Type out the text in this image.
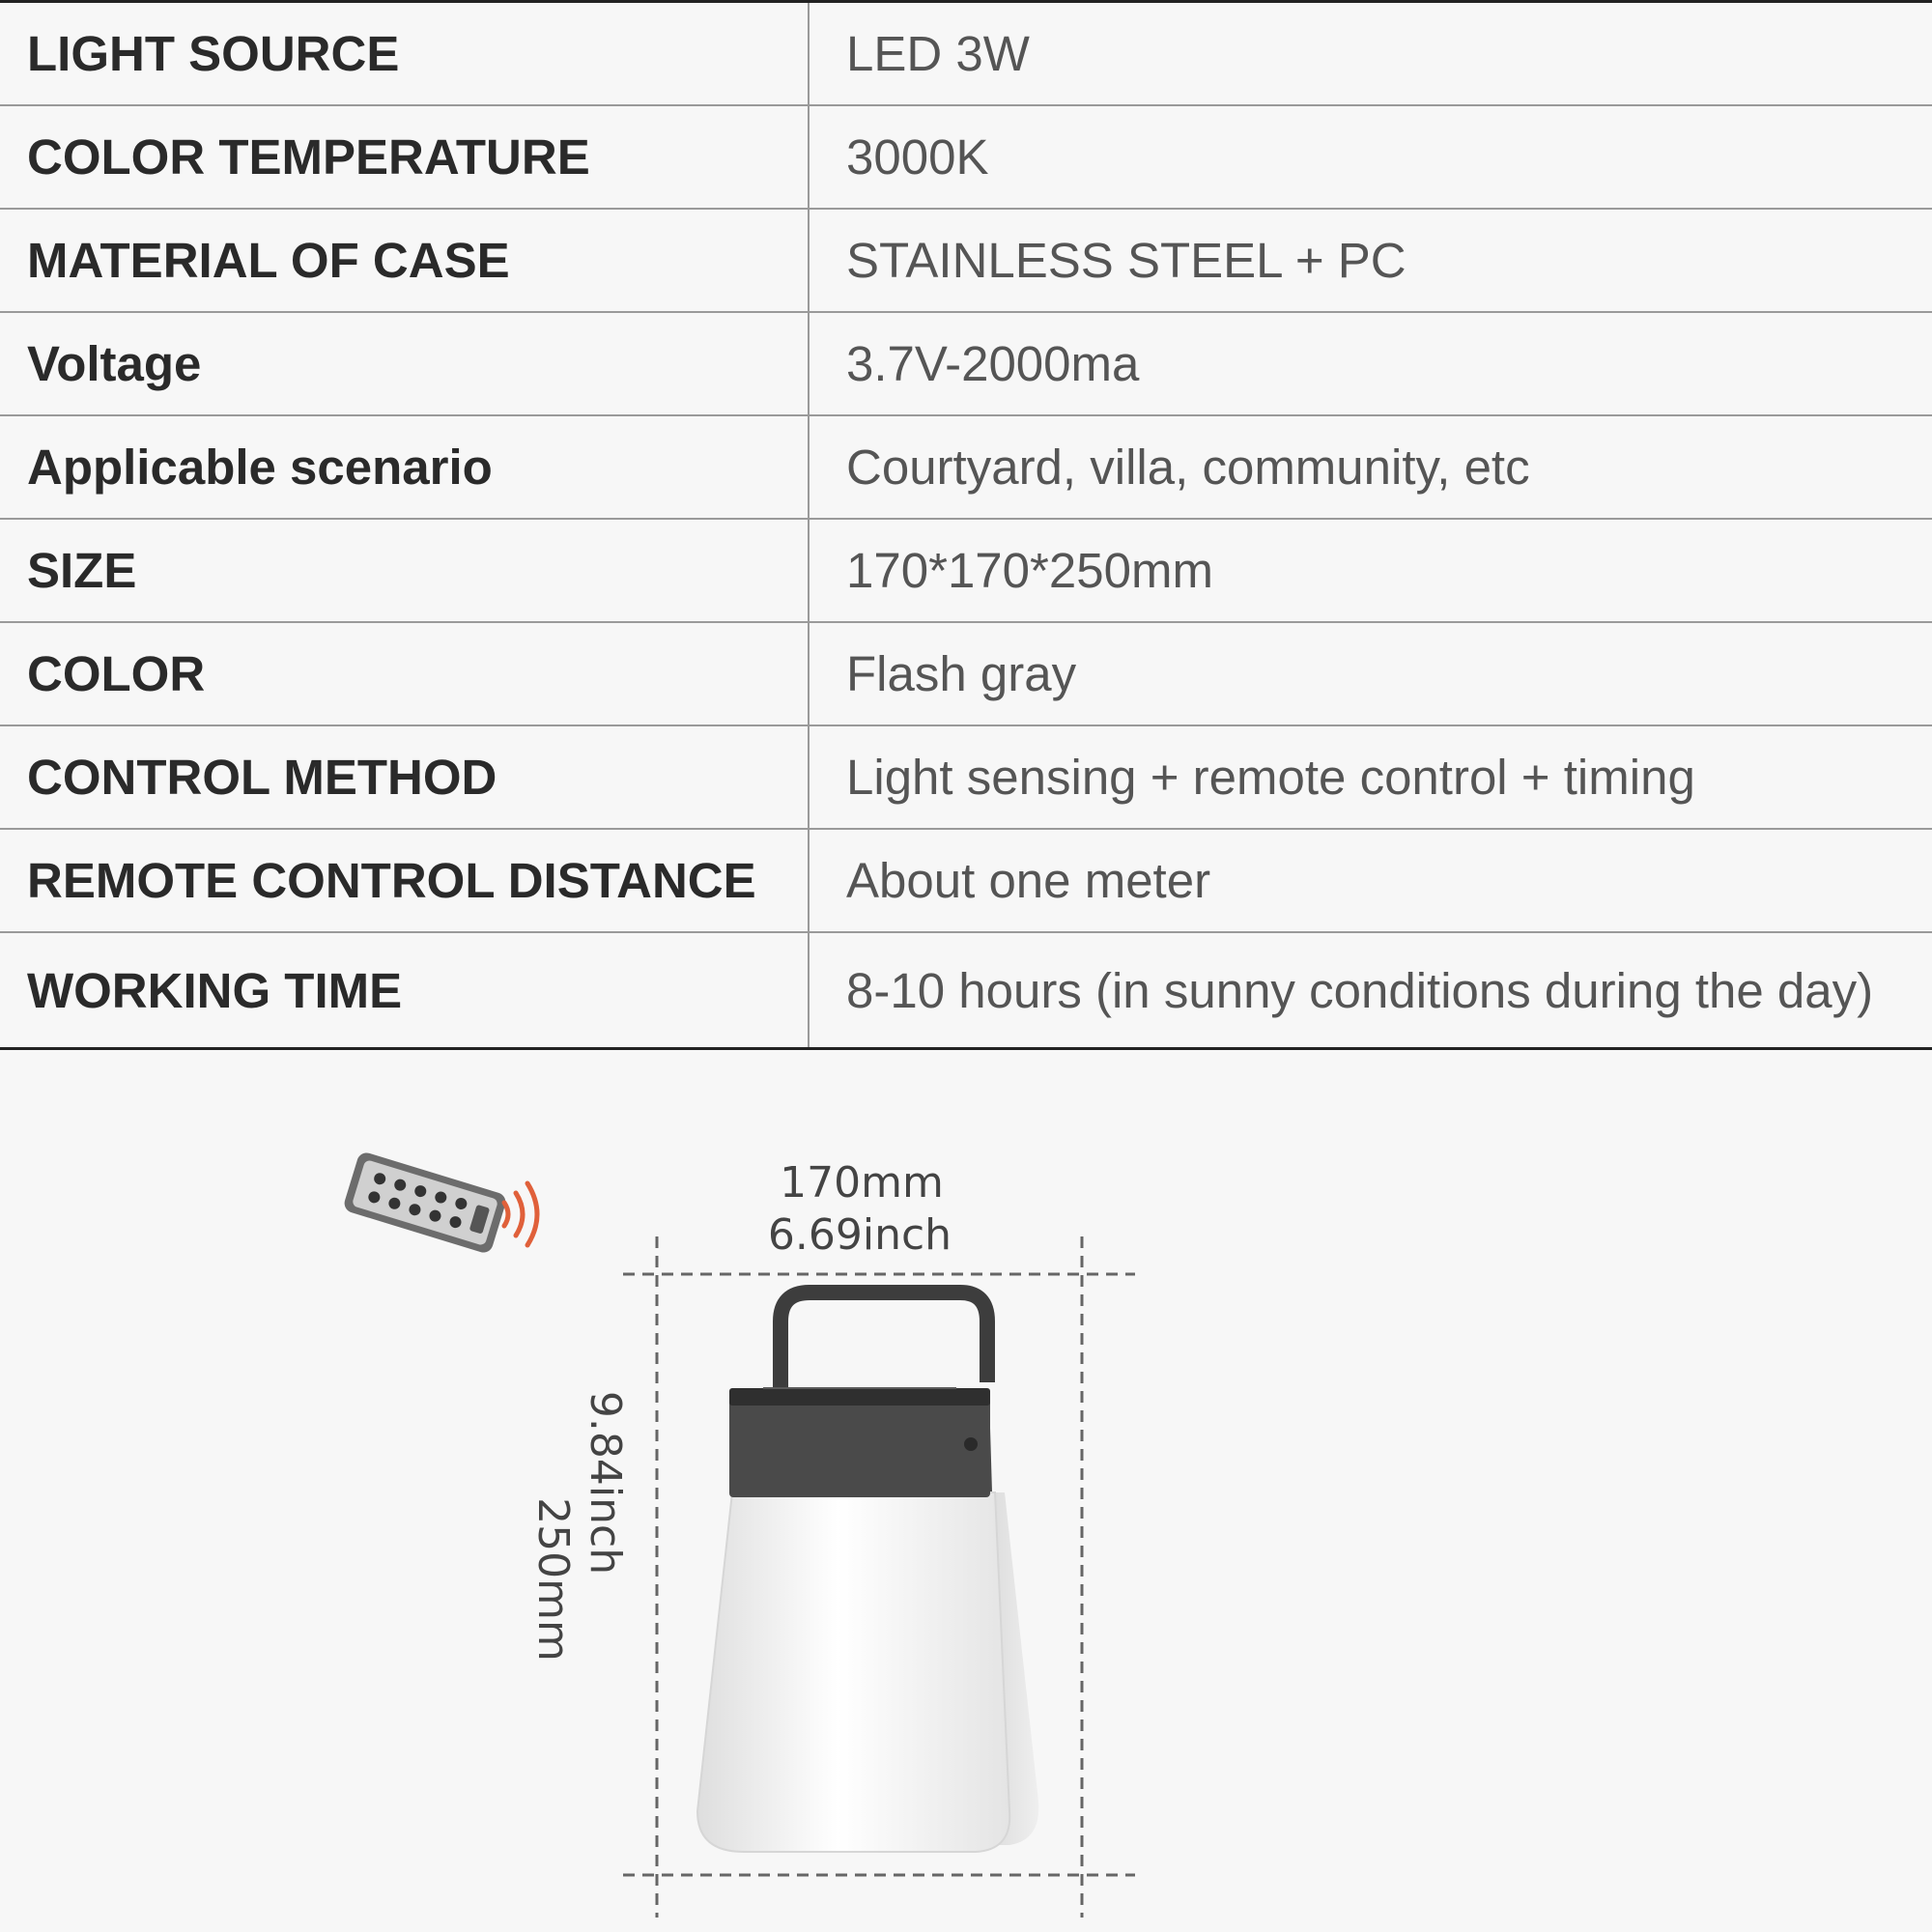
LIGHT SOURCE	LED 3W
COLOR TEMPERATURE	3000K
MATERIAL OF CASE	STAINLESS STEEL + PC
Voltage	3.7V-2000ma
Applicable scenario	Courtyard, villa, community, etc
SIZE	170*170*250mm
COLOR	Flash gray
CONTROL METHOD	Light sensing + remote control + timing
REMOTE CONTROL DISTANCE	About one meter
WORKING TIME	8-10 hours (in sunny conditions during the day)
170mm
6.69inch
9.84inch
250mm
